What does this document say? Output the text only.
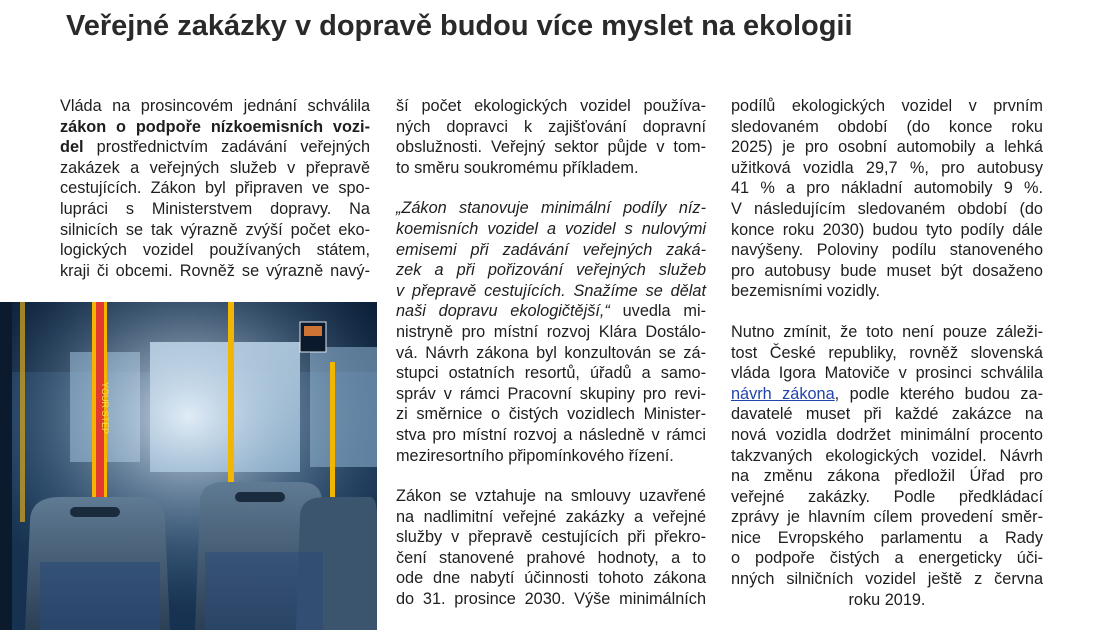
Veřejné zakázky v dopravě budou více myslet na ekologii
Vláda na prosincovém jednání schválila
zákon o podpoře nízkoemisních vozi-
del prostřednictvím zadávání veřejných
zakázek a veřejných služeb v přepravě
cestujících. Zákon byl připraven ve spo-
lupráci s Ministerstvem dopravy. Na
silnicích se tak výrazně zvýší počet eko-
logických vozidel používaných státem,
kraji či obcemi. Rovněž se výrazně navý-
YOUR STEP

ší počet ekologických vozidel používa-
ných dopravci k zajišťování dopravní
obslužnosti. Veřejný sektor půjde v tom-
to směru soukromému příkladem.

„Zákon stanovuje minimální podíly níz-
koemisních vozidel a vozidel s nulovými
emisemi při zadávání veřejných zaká-
zek a při pořizování veřejných služeb
v přepravě cestujících. Snažíme se dělat
naši dopravu ekologičtější,“ uvedla mi-
nistryně pro místní rozvoj Klára Dostálo-
vá. Návrh zákona byl konzultován se zá-
stupci ostatních resortů, úřadů a samo-
správ v rámci Pracovní skupiny pro revi-
zi směrnice o čistých vozidlech Minister-
stva pro místní rozvoj a následně v rámci
meziresortního připomínkového řízení.

Zákon se vztahuje na smlouvy uzavřené
na nadlimitní veřejné zakázky a veřejné
služby v přepravě cestujících při překro-
čení stanovené prahové hodnoty, a to
ode dne nabytí účinnosti tohoto zákona
do 31. prosince 2030. Výše minimálních

podílů ekologických vozidel v prvním
sledovaném období (do konce roku
2025) je pro osobní automobily a lehká
užitková vozidla 29,7 %, pro autobusy
41 % a pro nákladní automobily 9 %.
V následujícím sledovaném období (do
konce roku 2030) budou tyto podíly dále
navýšeny. Poloviny podílu stanoveného
pro autobusy bude muset být dosaženo
bezemisními vozidly.

Nutno zmínit, že toto není pouze záleži-
tost České republiky, rovněž slovenská
vláda Igora Matoviče v prosinci schválila
návrh zákona, podle kterého budou za-
davatelé muset při každé zakázce na
nová vozidla dodržet minimální procento
takzvaných ekologických vozidel. Návrh
na změnu zákona předložil Úřad pro
veřejné zakázky. Podle předkládací
zprávy je hlavním cílem provedení směr-
nice Evropského parlamentu a Rady
o podpoře čistých a energeticky úči-
nných silničních vozidel ještě z června
roku 2019.
